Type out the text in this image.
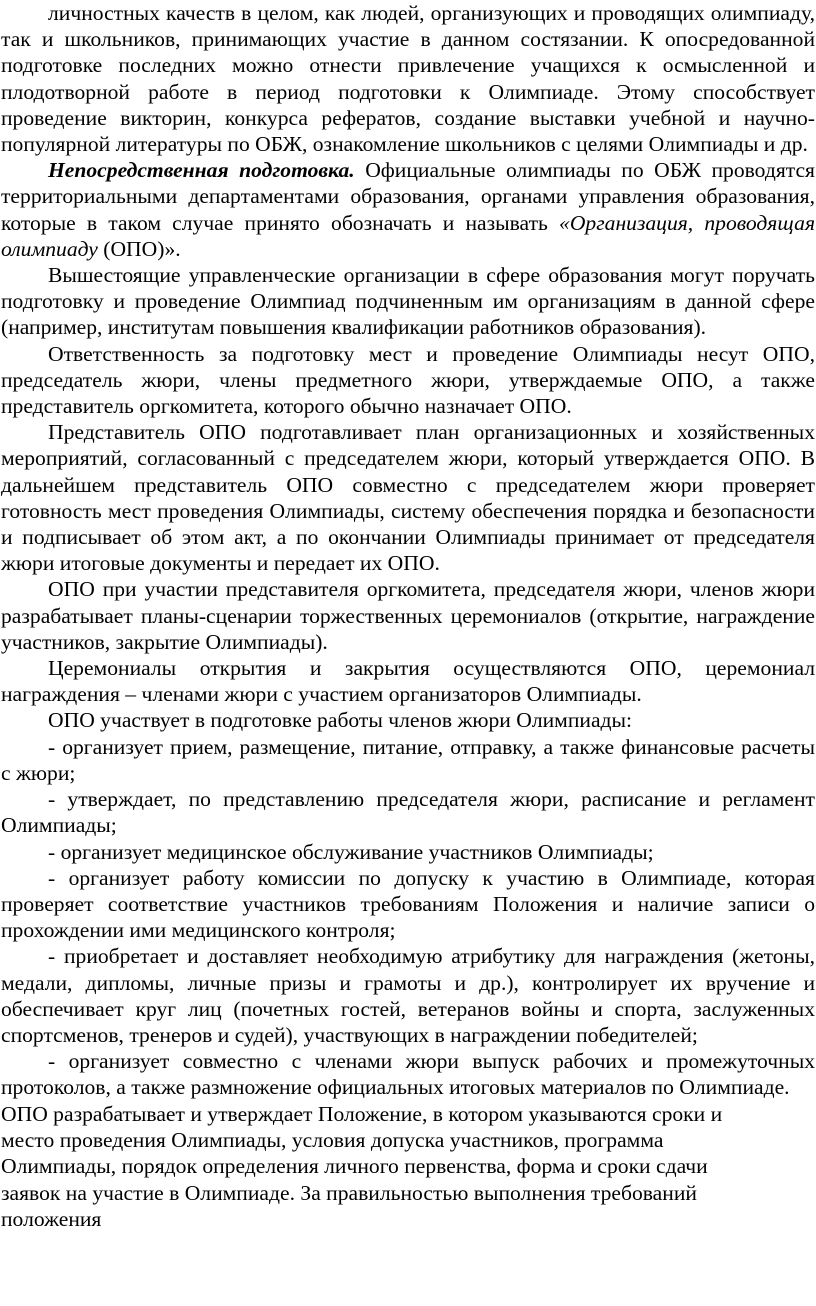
личностных качеств в целом, как людей, организующих и проводящих олимпиаду, так и школьников, принимающих участие в данном состязании. К опосредованной подготовке последних можно отнести привлечение учащихся к осмысленной и плодотворной работе в период подготовки к Олимпиаде. Этому способствует проведение викторин, конкурса рефератов, создание выставки учебной и научно-популярной литературы по ОБЖ, ознакомление школьников с целями Олимпиады и др.

Непосредственная подготовка. Официальные олимпиады по ОБЖ проводятся территориальными департаментами образования, органами управления образования, которые в таком случае принято обозначать и называть «Организация, проводящая олимпиаду (ОПО)».

Вышестоящие управленческие организации в сфере образования могут поручать подготовку и проведение Олимпиад подчиненным им организациям в данной сфере (например, институтам повышения квалификации работников образования).

Ответственность за подготовку мест и проведение Олимпиады несут ОПО, председатель жюри, члены предметного жюри, утверждаемые ОПО, а также представитель оргкомитета, которого обычно назначает ОПО.

Представитель ОПО подготавливает план организационных и хозяйственных мероприятий, согласованный с председателем жюри, который утверждается ОПО. В дальнейшем представитель ОПО совместно с председателем жюри проверяет готовность мест проведения Олимпиады, систему обеспечения порядка и безопасности и подписывает об этом акт, а по окончании Олимпиады принимает от председателя жюри итоговые документы и передает их ОПО.

ОПО при участии представителя оргкомитета, председателя жюри, членов жюри разрабатывает планы-сценарии торжественных церемониалов (открытие, награждение участников, закрытие Олимпиады).

Церемониалы открытия и закрытия осуществляются ОПО, церемониал награждения – членами жюри с участием организаторов Олимпиады.

ОПО участвует в подготовке работы членов жюри Олимпиады:

- организует прием, размещение, питание, отправку, а также финансовые расчеты с жюри;

- утверждает, по представлению председателя жюри, расписание и регламент Олимпиады;

- организует медицинское обслуживание участников Олимпиады;

- организует работу комиссии по допуску к участию в Олимпиаде, которая проверяет соответствие участников требованиям Положения и наличие записи о прохождении ими медицинского контроля;

- приобретает и доставляет необходимую атрибутику для награждения (жетоны, медали, дипломы, личные призы и грамоты и др.), контролирует их вручение и обеспечивает круг лиц (почетных гостей, ветеранов войны и спорта, заслуженных спортсменов, тренеров и судей), участвующих в награждении победителей;

- организует совместно с членами жюри выпуск рабочих и промежуточных протоколов, а также размножение официальных итоговых материалов по Олимпиаде.

ОПО разрабатывает и утверждает Положение, в котором указываются сроки и место проведения Олимпиады, условия допуска участников, программа Олимпиады, порядок определения личного первенства, форма и сроки сдачи заявок на участие в Олимпиаде. За правильностью выполнения требований положения
